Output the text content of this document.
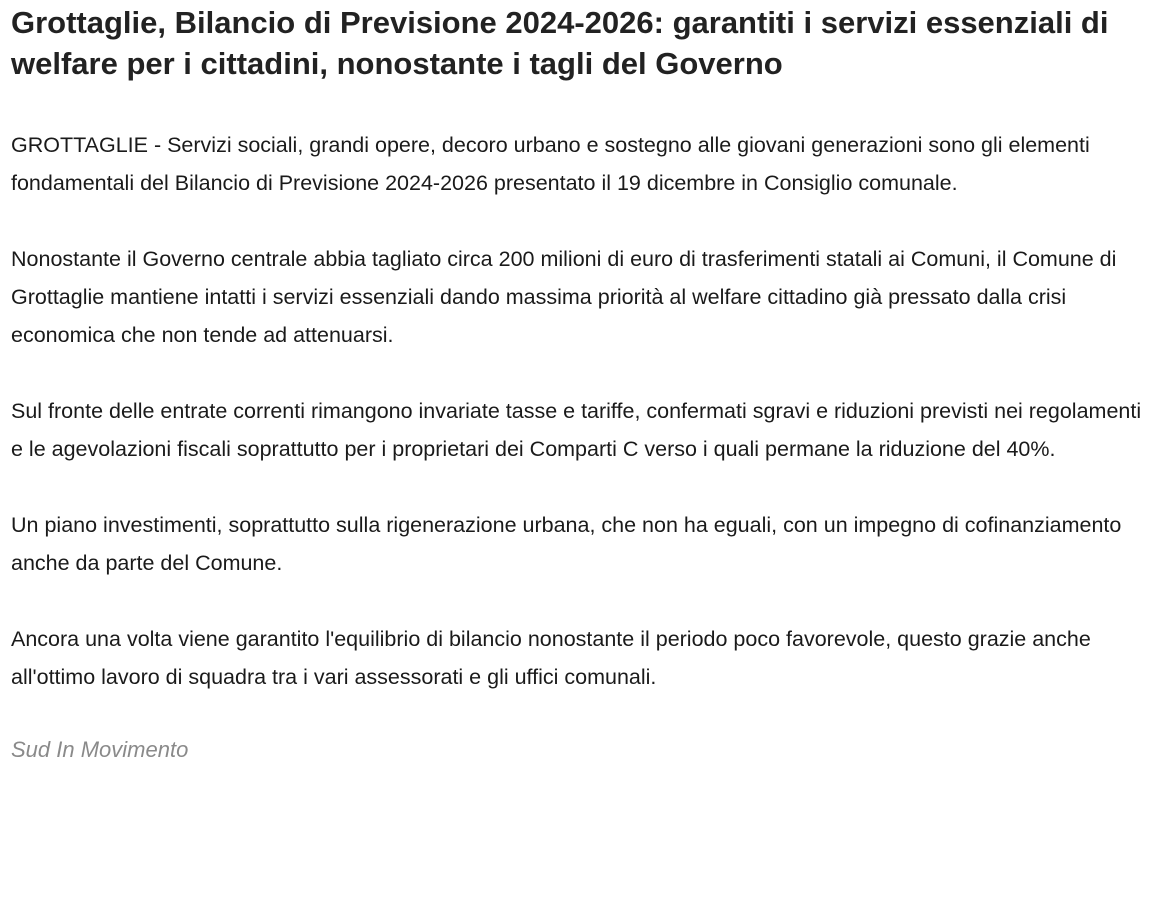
Grottaglie, Bilancio di Previsione 2024-2026: garantiti i servizi essenziali di welfare per i cittadini, nonostante i tagli del Governo

GROTTAGLIE - Servizi sociali, grandi opere, decoro urbano e sostegno alle giovani generazioni sono gli elementi fondamentali del Bilancio di Previsione 2024-2026 presentato il 19 dicembre in Consiglio comunale.

Nonostante il Governo centrale abbia tagliato circa 200 milioni di euro di trasferimenti statali ai Comuni, il Comune di Grottaglie mantiene intatti i servizi essenziali dando massima priorità al welfare cittadino già pressato dalla crisi economica che non tende ad attenuarsi.

Sul fronte delle entrate correnti rimangono invariate tasse e tariffe, confermati sgravi e riduzioni previsti nei regolamenti e le agevolazioni fiscali soprattutto per i proprietari dei Comparti C verso i quali permane la riduzione del 40%.

Un piano investimenti, soprattutto sulla rigenerazione urbana, che non ha eguali, con un impegno di cofinanziamento anche da parte del Comune.

Ancora una volta viene garantito l'equilibrio di bilancio nonostante il periodo poco favorevole, questo grazie anche all'ottimo lavoro di squadra tra i vari assessorati e gli uffici comunali.

Sud In Movimento
